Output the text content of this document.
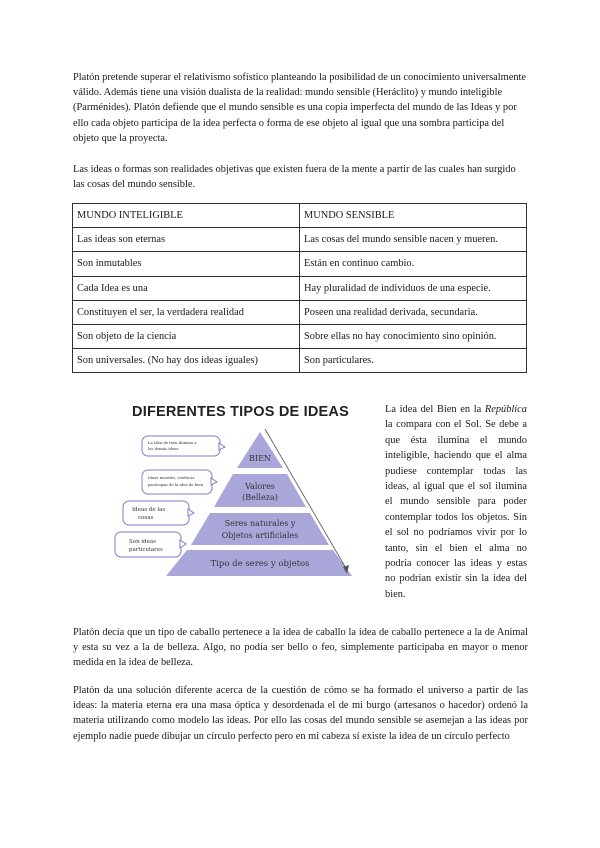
Platón pretende superar el relativismo sofístico planteando la posibilidad de un conocimiento universalmente válido. Además tiene una visión dualista de la realidad: mundo sensible (Heráclito) y mundo inteligible (Parménides). Platón defiende que el mundo sensible es una copia imperfecta del mundo de las Ideas y por ello cada objeto participa de la idea perfecta o forma de ese objeto al igual que una sombra participa del objeto que la proyecta.

Las ideas o formas son realidades objetivas que existen fuera de la mente a partir de las cuales han surgido las cosas del mundo sensible.

MUNDO INTELIGIBLE	MUNDO SENSIBLE
Las ideas son eternas	Las cosas del mundo sensible nacen y mueren.
Son inmutables	Están en continuo cambio.
Cada Idea es una	Hay pluralidad de individuos de una especie.
Constituyen el ser, la verdadera realidad	Poseen una realidad derivada, secundaria.
Son objeto de la ciencia	Sobre ellas no hay conocimiento sino opinión.
Son universales. (No hay dos ideas iguales)	Son particulares.
DIFERENTES TIPOS DE IDEAS
BIEN
Valores
(Belleza)
Seres naturales y
Objetos artificiales
Tipo de seres y objetos
La idea de bien ilumina a
las demás ideas
Ideas morales, estéticas
participan de la idea de bien
Ideas de las
cosas
Son ideas
particulares

La idea del Bien en la República la compara con el Sol. Se debe a que ésta ilumina el mundo inteligible, haciendo que el alma pudiese contemplar todas las ideas, al igual que el sol ilumina el mundo sensible para poder contemplar todos los objetos. Sin el sol no podríamos vivir por lo tanto, sin el bien el alma no podría conocer las ideas y estas no podrían existir sin la idea del bien.

Platón decía que un tipo de caballo pertenece a la idea de caballo la idea de caballo pertenece a la de Animal y esta su vez a la de belleza. Algo, no podía ser bello o feo, simplemente participaba en mayor o menor medida en la idea de belleza.

Platón da una solución diferente acerca de la cuestión de cómo se ha formado el universo a partir de las ideas: la materia eterna era una masa óptica y desordenada el de mi burgo (artesanos o hacedor) ordenó la materia utilizando como modelo las ideas. Por ello las cosas del mundo sensible se asemejan a las ideas por ejemplo nadie puede dibujar un círculo perfecto pero en mi cabeza sí existe la idea de un círculo perfecto
